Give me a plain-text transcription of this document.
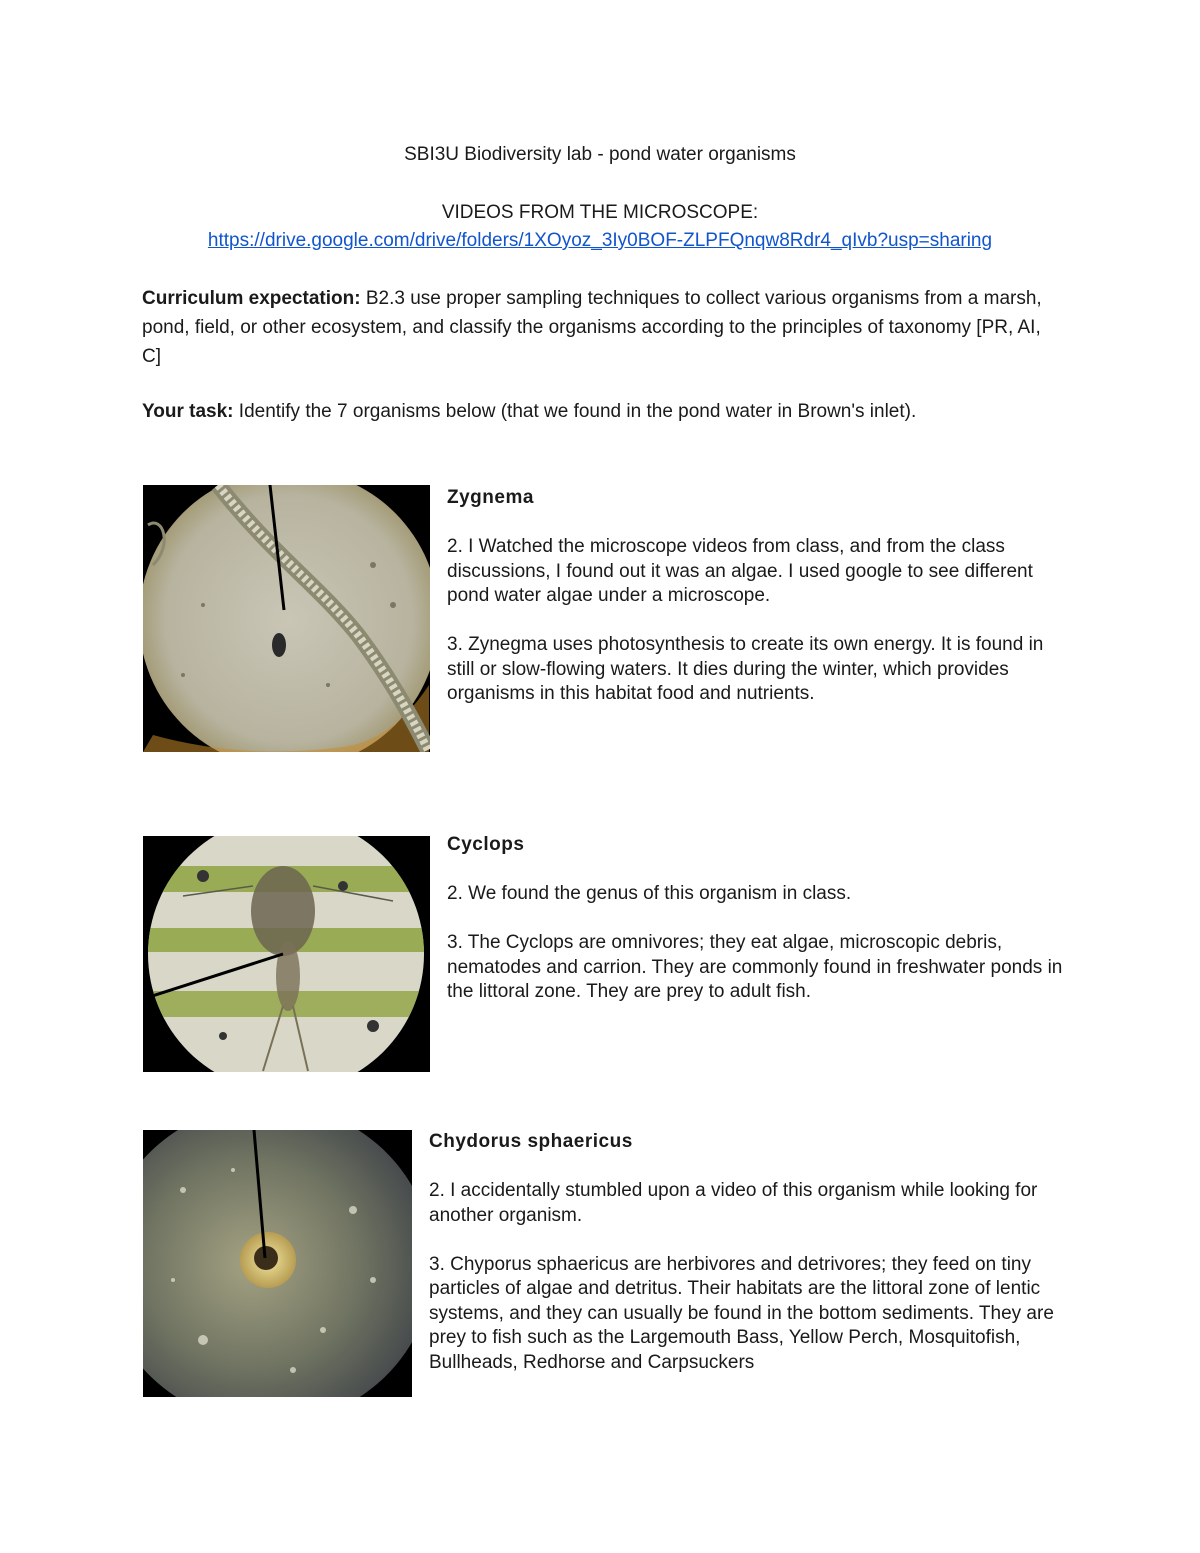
SBI3U Biodiversity lab - pond water organisms
VIDEOS FROM THE MICROSCOPE:
https://drive.google.com/drive/folders/1XOyoz_3Iy0BOF-ZLPFQnqw8Rdr4_qIvb?usp=sharing
Curriculum expectation: B2.3 use proper sampling techniques to collect various organisms from a marsh, pond, field, or other ecosystem, and classify the organisms according to the principles of taxonomy [PR, AI, C]
Your task: Identify the 7 organisms below (that we found in the pond water in Brown's inlet).

Zygnema

2. I Watched the microscope videos from class, and from the class discussions, I found out it was an algae. I used google to see different pond water algae under a microscope.

3. Zynegma uses photosynthesis to create its own energy. It is found in still or slow-flowing waters. It dies during the winter, which provides organisms in this habitat food and nutrients.

Cyclops

2. We found the genus of this organism in class.

3. The Cyclops are omnivores; they eat algae, microscopic debris, nematodes and carrion. They are commonly found in freshwater ponds in the littoral zone. They are prey to adult fish.

Chydorus sphaericus

2. I accidentally stumbled upon a video of this organism while looking for another organism.

3. Chyporus sphaericus are herbivores and detrivores; they feed on tiny particles of algae and detritus. Their habitats are the littoral zone of lentic systems, and they can usually be found in the bottom sediments. They are prey to fish such as the Largemouth Bass, Yellow Perch, Mosquitofish, Bullheads, Redhorse and Carpsuckers
